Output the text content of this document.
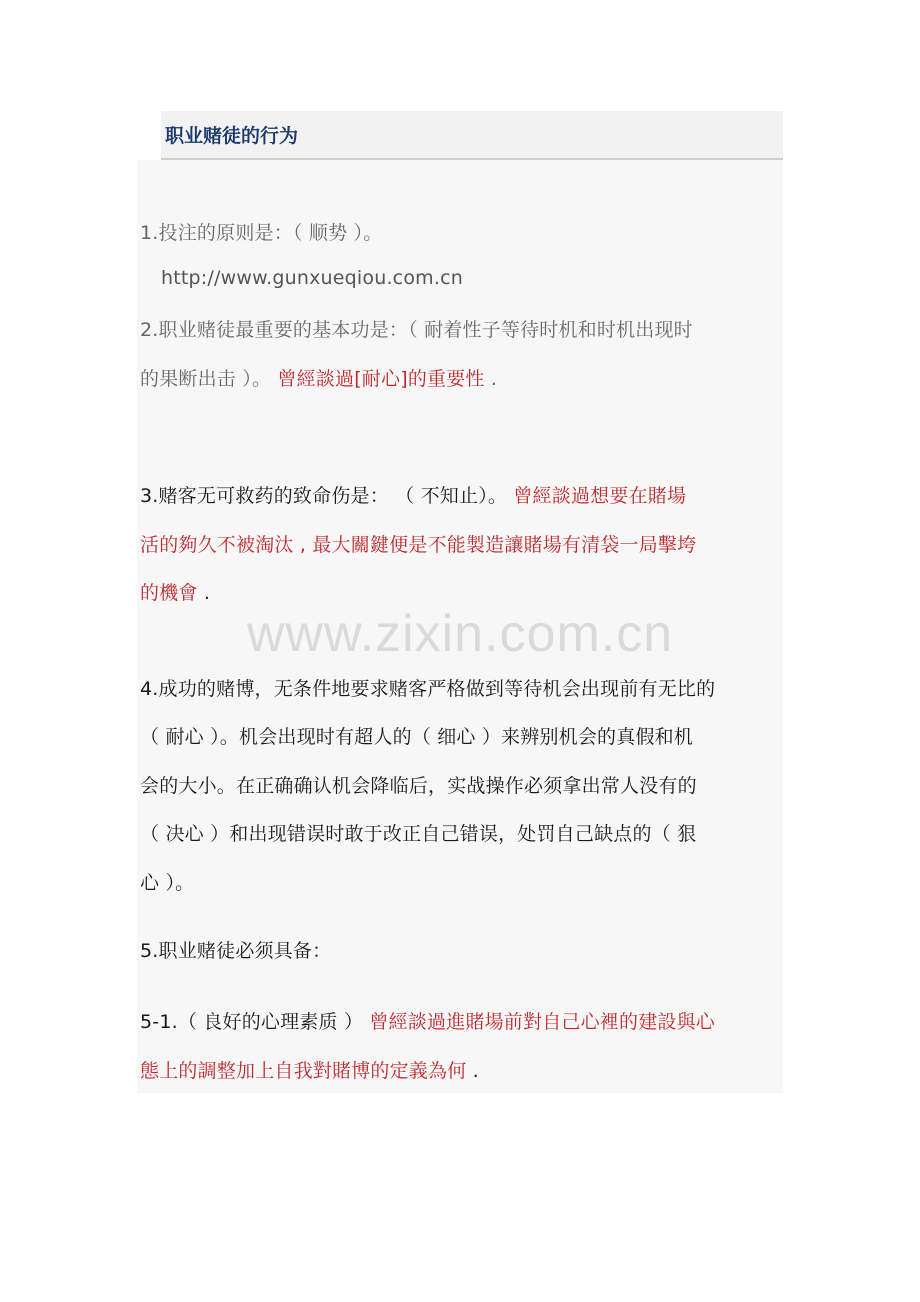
职业赌徒的行为
1.投注的原则是：（ 顺势 ）。
http://www.gunxueqiou.com.cn
2.职业赌徒最重要的基本功是：（ 耐着性子等待时机和时机出现时
的果断出击 ）。 曾經談過[耐心]的重要性 .
3.赌客无可救药的致命伤是： （ 不知止）。 曾經談過想要在賭場
活的夠久不被淘汰 , 最大關鍵便是不能製造讓賭場有清袋一局擊垮
的機會 .
4.成功的赌博，无条件地要求赌客严格做到等待机会出现前有无比的
（ 耐心 ）。机会出现时有超人的（ 细心 ）来辨别机会的真假和机
会的大小。在正确确认机会降临后，实战操作必须拿出常人没有的
（ 决心 ）和出现错误时敢于改正自己错误，处罚自己缺点的（ 狠
心 ）。
5.职业赌徒必须具备：
5-1.（ 良好的心理素质 ） 曾經談過進賭場前對自己心裡的建設與心
態上的調整加上自我對賭博的定義為何 .
www.zixin.com.cn
